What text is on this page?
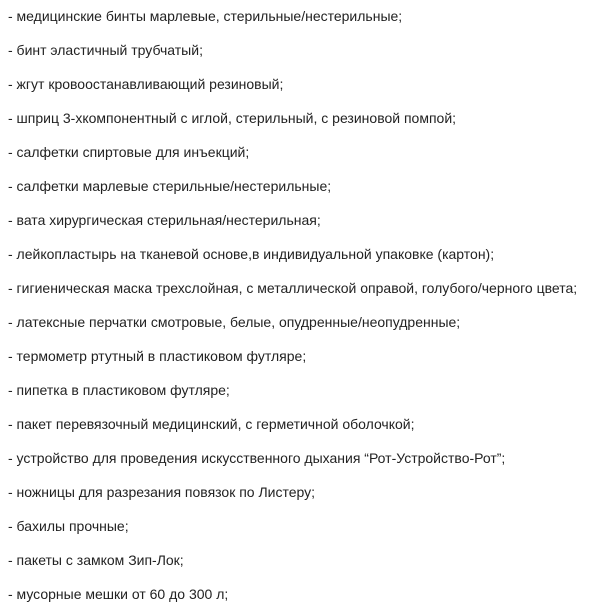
- медицинские бинты марлевые, стерильные/нестерильные;
- бинт эластичный трубчатый;
- жгут кровоостанавливающий резиновый;
- шприц 3-хкомпонентный с иглой, стерильный, с резиновой помпой;
- салфетки спиртовые для инъекций;
- салфетки марлевые стерильные/нестерильные;
- вата хирургическая стерильная/нестерильная;
- лейкопластырь на тканевой основе,в индивидуальной упаковке (картон);
- гигиеническая маска трехслойная, с металлической оправой, голубого/черного цвета;
- латексные перчатки смотровые, белые, опудренные/неопудренные;
- термометр ртутный в пластиковом футляре;
- пипетка в пластиковом футляре;
- пакет перевязочный медицинский, с герметичной оболочкой;
- устройство для проведения искусственного дыхания “Рот-Устройство-Рот”;
- ножницы для разрезания повязок по Листеру;
- бахилы прочные;
- пакеты с замком Зип-Лок;
- мусорные мешки от 60 до 300 л;
